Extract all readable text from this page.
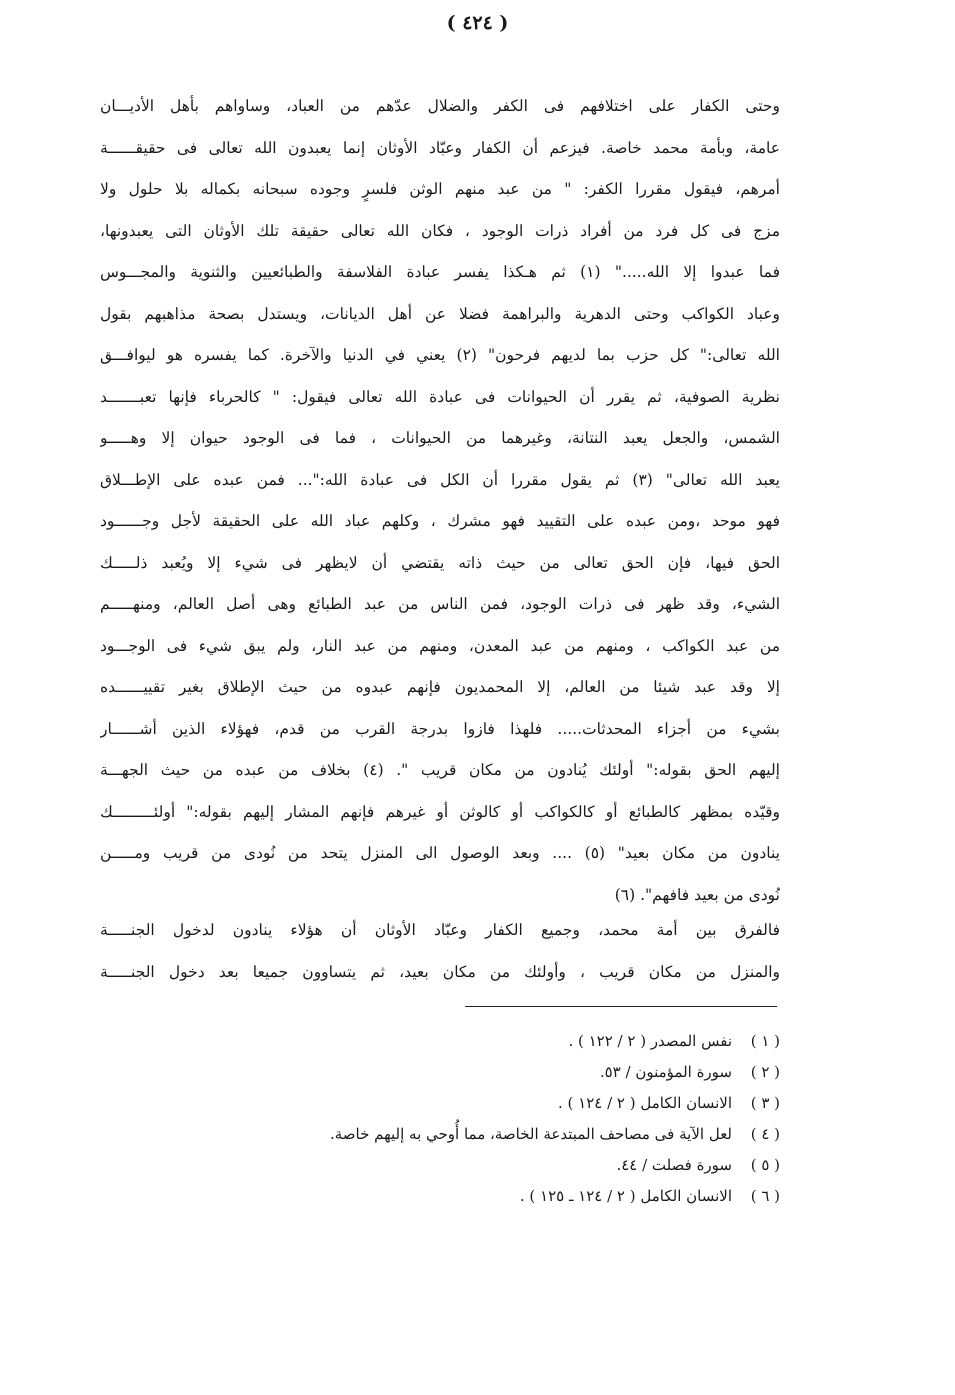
( ٤٢٤ )
وحتى الكفار على اختلافهم فى الكفر والضلال عدّهم من العباد، وساواهم بأهل الأديـــان
عامة، وبأمة محمد خاصة. فيزعم أن الكفار وعبّاد الأوثان إنما يعبدون الله تعالى فى حقيقــــــة
أمرهم، فيقول مقررا الكفر: " من عبد منهم الوثن فلسرٍ وجوده سبحانه بكماله بلا حلول ولا
مزج فى كل فرد من أفراد ذرات الوجود ، فكان الله تعالى حقيقة تلك الأوثان التى يعبدونها،
فما عبدوا إلا الله....." (١) ثم هـكذا يفسر عبادة الفلاسفة والطبائعيين والثنوية والمجـــوس
وعباد الكواكب وحتى الدهرية والبراهمة فضلا عن أهل الديانات، ويستدل بصحة مذاهبهم بقول
الله تعالى:" كل حزب بما لديهم فرحون" (٢) يعني في الدنيا والآخرة. كما يفسره هو ليوافـــق
نظرية الصوفية، ثم يقرر أن الحيوانات فى عبادة الله تعالى فيقول: " كالحرباء فإنها تعبـــــــد
الشمس، والجعل يعبد النتانة، وغيرهما من الحيوانات ، فما فى الوجود حيوان إلا وهـــــو
يعبد الله تعالى" (٣) ثم يقول مقررا أن الكل فى عبادة الله:"... فمن عبده على الإطـــلاق
فهو موحد ،ومن عبده على التقييد فهو مشرك ، وكلهم عباد الله على الحقيقة لأجل وجــــــود
الحق فيها، فإن الحق تعالى من حيث ذاته يقتضي أن لايظهر فى شيء إلا ويُعبد ذلـــــك
الشيء، وقد ظهر فى ذرات الوجود، فمن الناس من عبد الطبائع وهى أصل العالم، ومنهـــــم
من عبد الكواكب ، ومنهم من عبد المعدن، ومنهم من عبد النار، ولم يبق شيء فى الوجـــود
إلا وقد عبد شيئا من العالم، إلا المحمديون فإنهم عبدوه من حيث الإطلاق بغير تقييــــــده
بشيء من أجزاء المحدثات..... فلهذا فازوا بدرجة القرب من قدم، فهؤلاء الذين أشــــــار
إليهم الحق بقوله:" أولئك يُنادون من مكان قريب ". (٤) بخلاف من عبده من حيث الجهـــة
وقيّده بمظهر كالطبائع أو كالكواكب أو كالوثن أو غيرهم فإنهم المشار إليهم بقوله:" أولئـــــــــك
ينادون من مكان بعيد" (٥) .... وبعد الوصول الى المنزل يتحد من نُودى من قريب ومـــــن
نُودى من بعيد فافهم". (٦)
فالفرق بين أمة محمد، وجميع الكفار وعبّاد الأوثان أن هؤلاء ينادون لدخول الجنـــــة
والمنزل من مكان قريب ، وأولئك من مكان بعيد، ثم يتساوون جميعا بعد دخول الجنـــــة
( ١ )
نفس المصدر ( ٢ / ١٢٢ ) .
( ٢ )
سورة المؤمنون / ٥٣.
( ٣ )
الانسان الكامل ( ٢ / ١٢٤ ) .
( ٤ )
لعل الآية فى مصاحف المبتدعة الخاصة، مما أُوحي به إليهم خاصة.
( ٥ )
سورة فصلت / ٤٤.
( ٦ )
الانسان الكامل ( ٢ / ١٢٤ ـ ١٢٥ ) .
